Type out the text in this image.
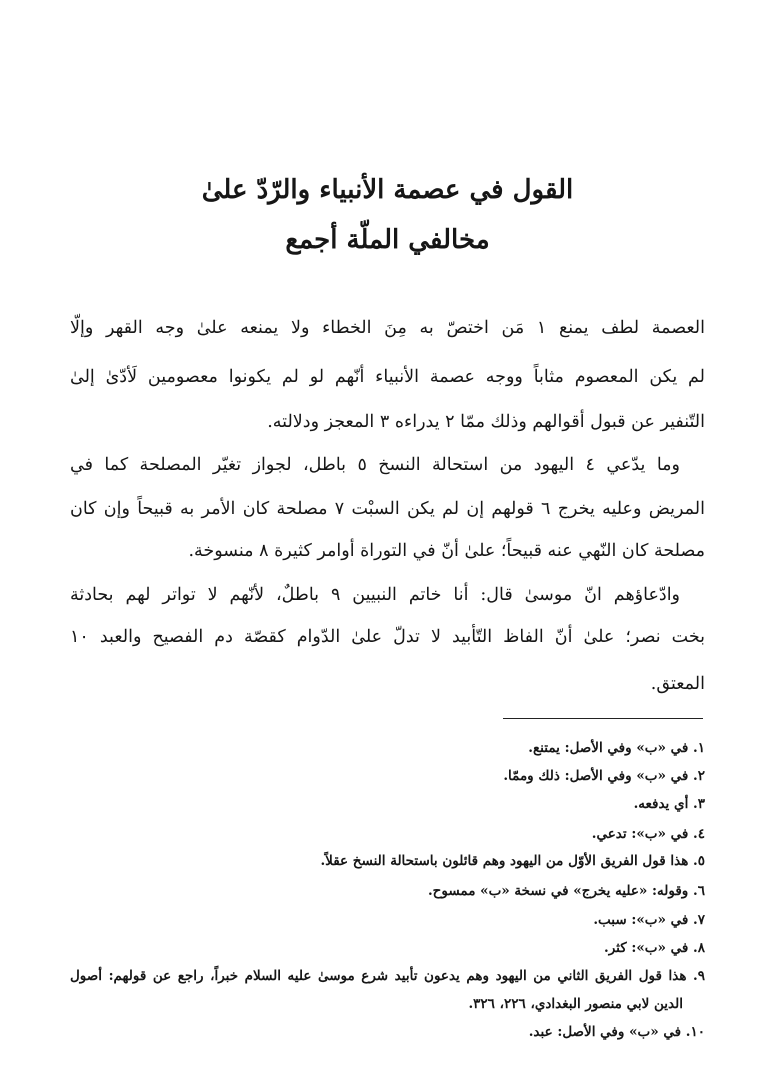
القول في عصمة الأنبياء والرّدّ علىٰ
مخالفي الملّة أجمع
العصمة لطف يمنع ١ مَن اختصّ به مِنَ الخطاء ولا يمنعه علىٰ وجه القهر وإلّا
لم يكن المعصوم مثاباً ووجه عصمة الأنبياء أنّهم لو لم يكونوا معصومين لَأدّىٰ إلىٰ
التّنفير عن قبول أقوالهم وذلك ممّا ٢ يدراءه ٣ المعجز ودلالته.
وما يدّعي ٤ اليهود من استحالة النسخ ٥ باطل، لجواز تغيّر المصلحة كما في
المريض وعليه يخرج ٦ قولهم إن لم يكن السبْت ٧ مصلحة كان الأمر به قبيحاً وإن كان
مصلحة كان النّهي عنه قبيحاً؛ علىٰ أنّ في التوراة أوامر كثيرة ٨ منسوخة.
وادّعاؤهم انّ موسىٰ قال: أنا خاتم النبيين ٩ باطلٌ، لأنّهم لا تواتر لهم بحادثة
بخت نصر؛ علىٰ أنّ الفاظ التّأبيد لا تدلّ علىٰ الدّوام كقصّة دم الفصيح والعبد ١٠
المعتق.
١. في «ب» وفي الأصل: يمتنع.
٢. في «ب» وفي الأصل: ذلك وممّا.
٣. أي يدفعه.
٤. في «ب»: تدعي.
٥. هذا قول الفريق الأوّل من اليهود وهم قائلون باستحالة النسخ عقلاً.
٦. وقوله: «عليه يخرج» في نسخة «ب» ممسوح.
٧. في «ب»: سبب.
٨. في «ب»: كثر.
٩. هذا قول الفريق الثاني من اليهود وهم يدعون تأبيد شرع موسىٰ عليه السلام خبراً، راجع عن قولهم: أصول
الدين لابي منصور البغدادي، ٢٢٦، ٣٢٦.
١٠. في «ب» وفي الأصل: عبد.
